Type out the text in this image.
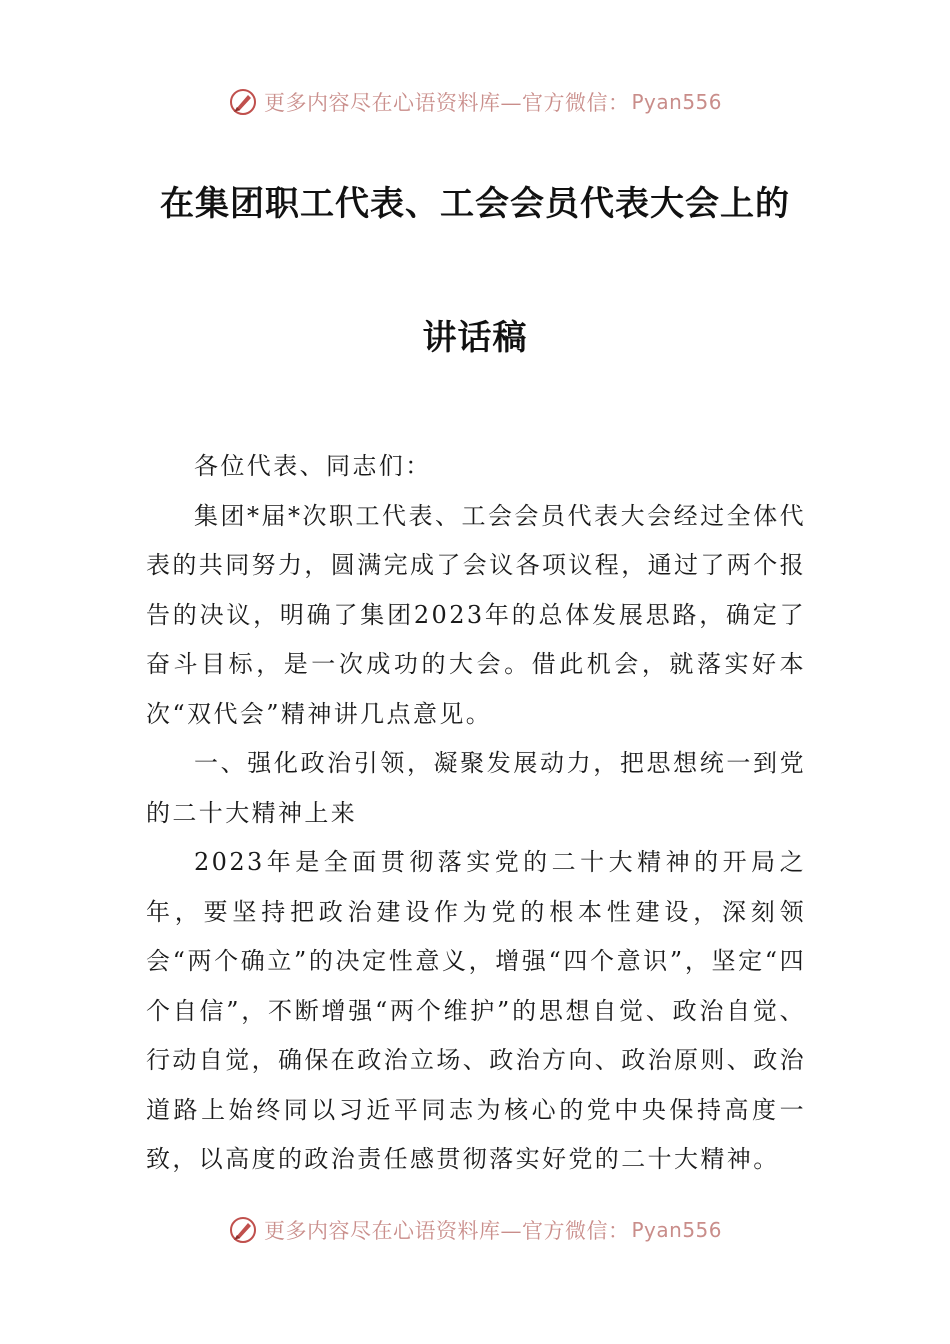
更多内容尽在心语资料库—官方微信： Pyan556
在集团职工代表、工会会员代表大会上的
讲话稿

各位代表、同志们：

集团*届*次职工代表、工会会员代表大会经过全体代表的共同努力，圆满完成了会议各项议程，通过了两个报告的决议，明确了集团2023年的总体发展思路，确定了奋斗目标，是一次成功的大会。借此机会，就落实好本次“双代会”精神讲几点意见。

一、强化政治引领，凝聚发展动力，把思想统一到党的二十大精神上来

2023年是全面贯彻落实党的二十大精神的开局之年，要坚持把政治建设作为党的根本性建设，深刻领会“两个确立”的决定性意义，增强“四个意识”，坚定“四个自信”，不断增强“两个维护”的思想自觉、政治自觉、行动自觉，确保在政治立场、政治方向、政治原则、政治道路上始终同以习近平同志为核心的党中央保持高度一致，以高度的政治责任感贯彻落实好党的二十大精神。

更多内容尽在心语资料库—官方微信： Pyan556
